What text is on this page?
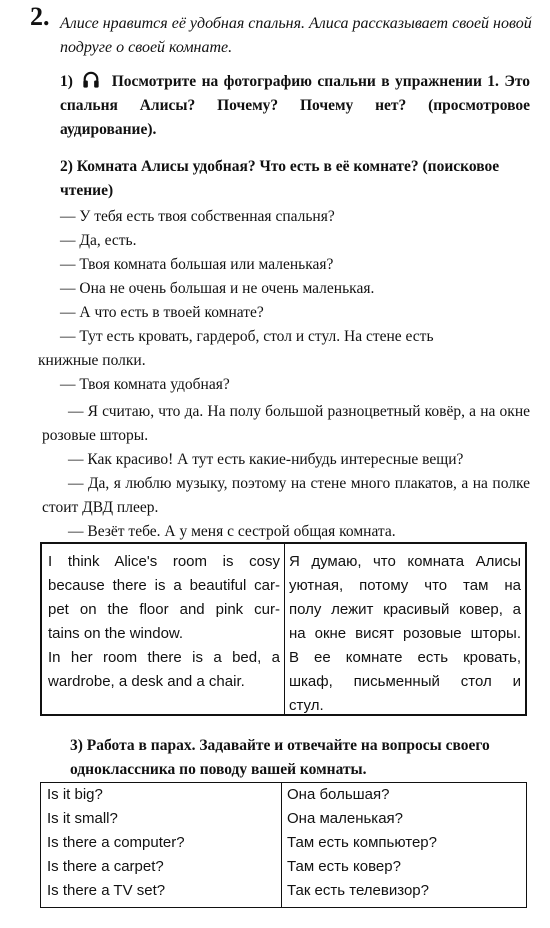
2. Алисе нравится её удобная спальня. Алиса рассказывает своей новой подруге о своей комнате.
1)	Посмотрите на фотографию спальни в упражнении 1. Это спальня Алисы? Почему? Почему нет? (просмотровое аудирование).
2) Комната Алисы удобная? Что есть в её комнате? (поисковое чтение)
— У тебя есть твоя собственная спальня?
— Да, есть.
— Твоя комната большая или маленькая?
— Она не очень большая и не очень маленькая.
— А что есть в твоей комнате?
— Тут есть кровать, гардероб, стол и стул. На стене есть
книжные полки.
— Твоя комната удобная?
— Я считаю, что да. На полу большой разноцветный ковёр, а на окне розовые шторы.
— Как красиво! А тут есть какие-нибудь интересные вещи?
— Да, я люблю музыку, поэтому на стене много плакатов, а на полке стоит ДВД плеер.
— Везёт тебе. А у меня с сестрой общая комната.
I think Alice's room is cosy
because there is a beautiful car-
pet on the floor and pink cur-
tains on the window.
In her room there is a bed, a
wardrobe, a desk and a chair.
Я думаю, что комната Алисы
уютная, потому что там на
полу лежит красивый ковер, а
на окне висят розовые шторы.
В ее комнате есть кровать,
шкаф, письменный стол и
стул.
3) Работа в парах. Задавайте и отвечайте на вопросы своего одноклассника по поводу вашей комнаты.
Is it big?	Она большая?
Is it small?	Она маленькая?
Is there a computer?	Там есть компьютер?
Is there a carpet?	Там есть ковер?
Is there a TV set?	Так есть телевизор?
